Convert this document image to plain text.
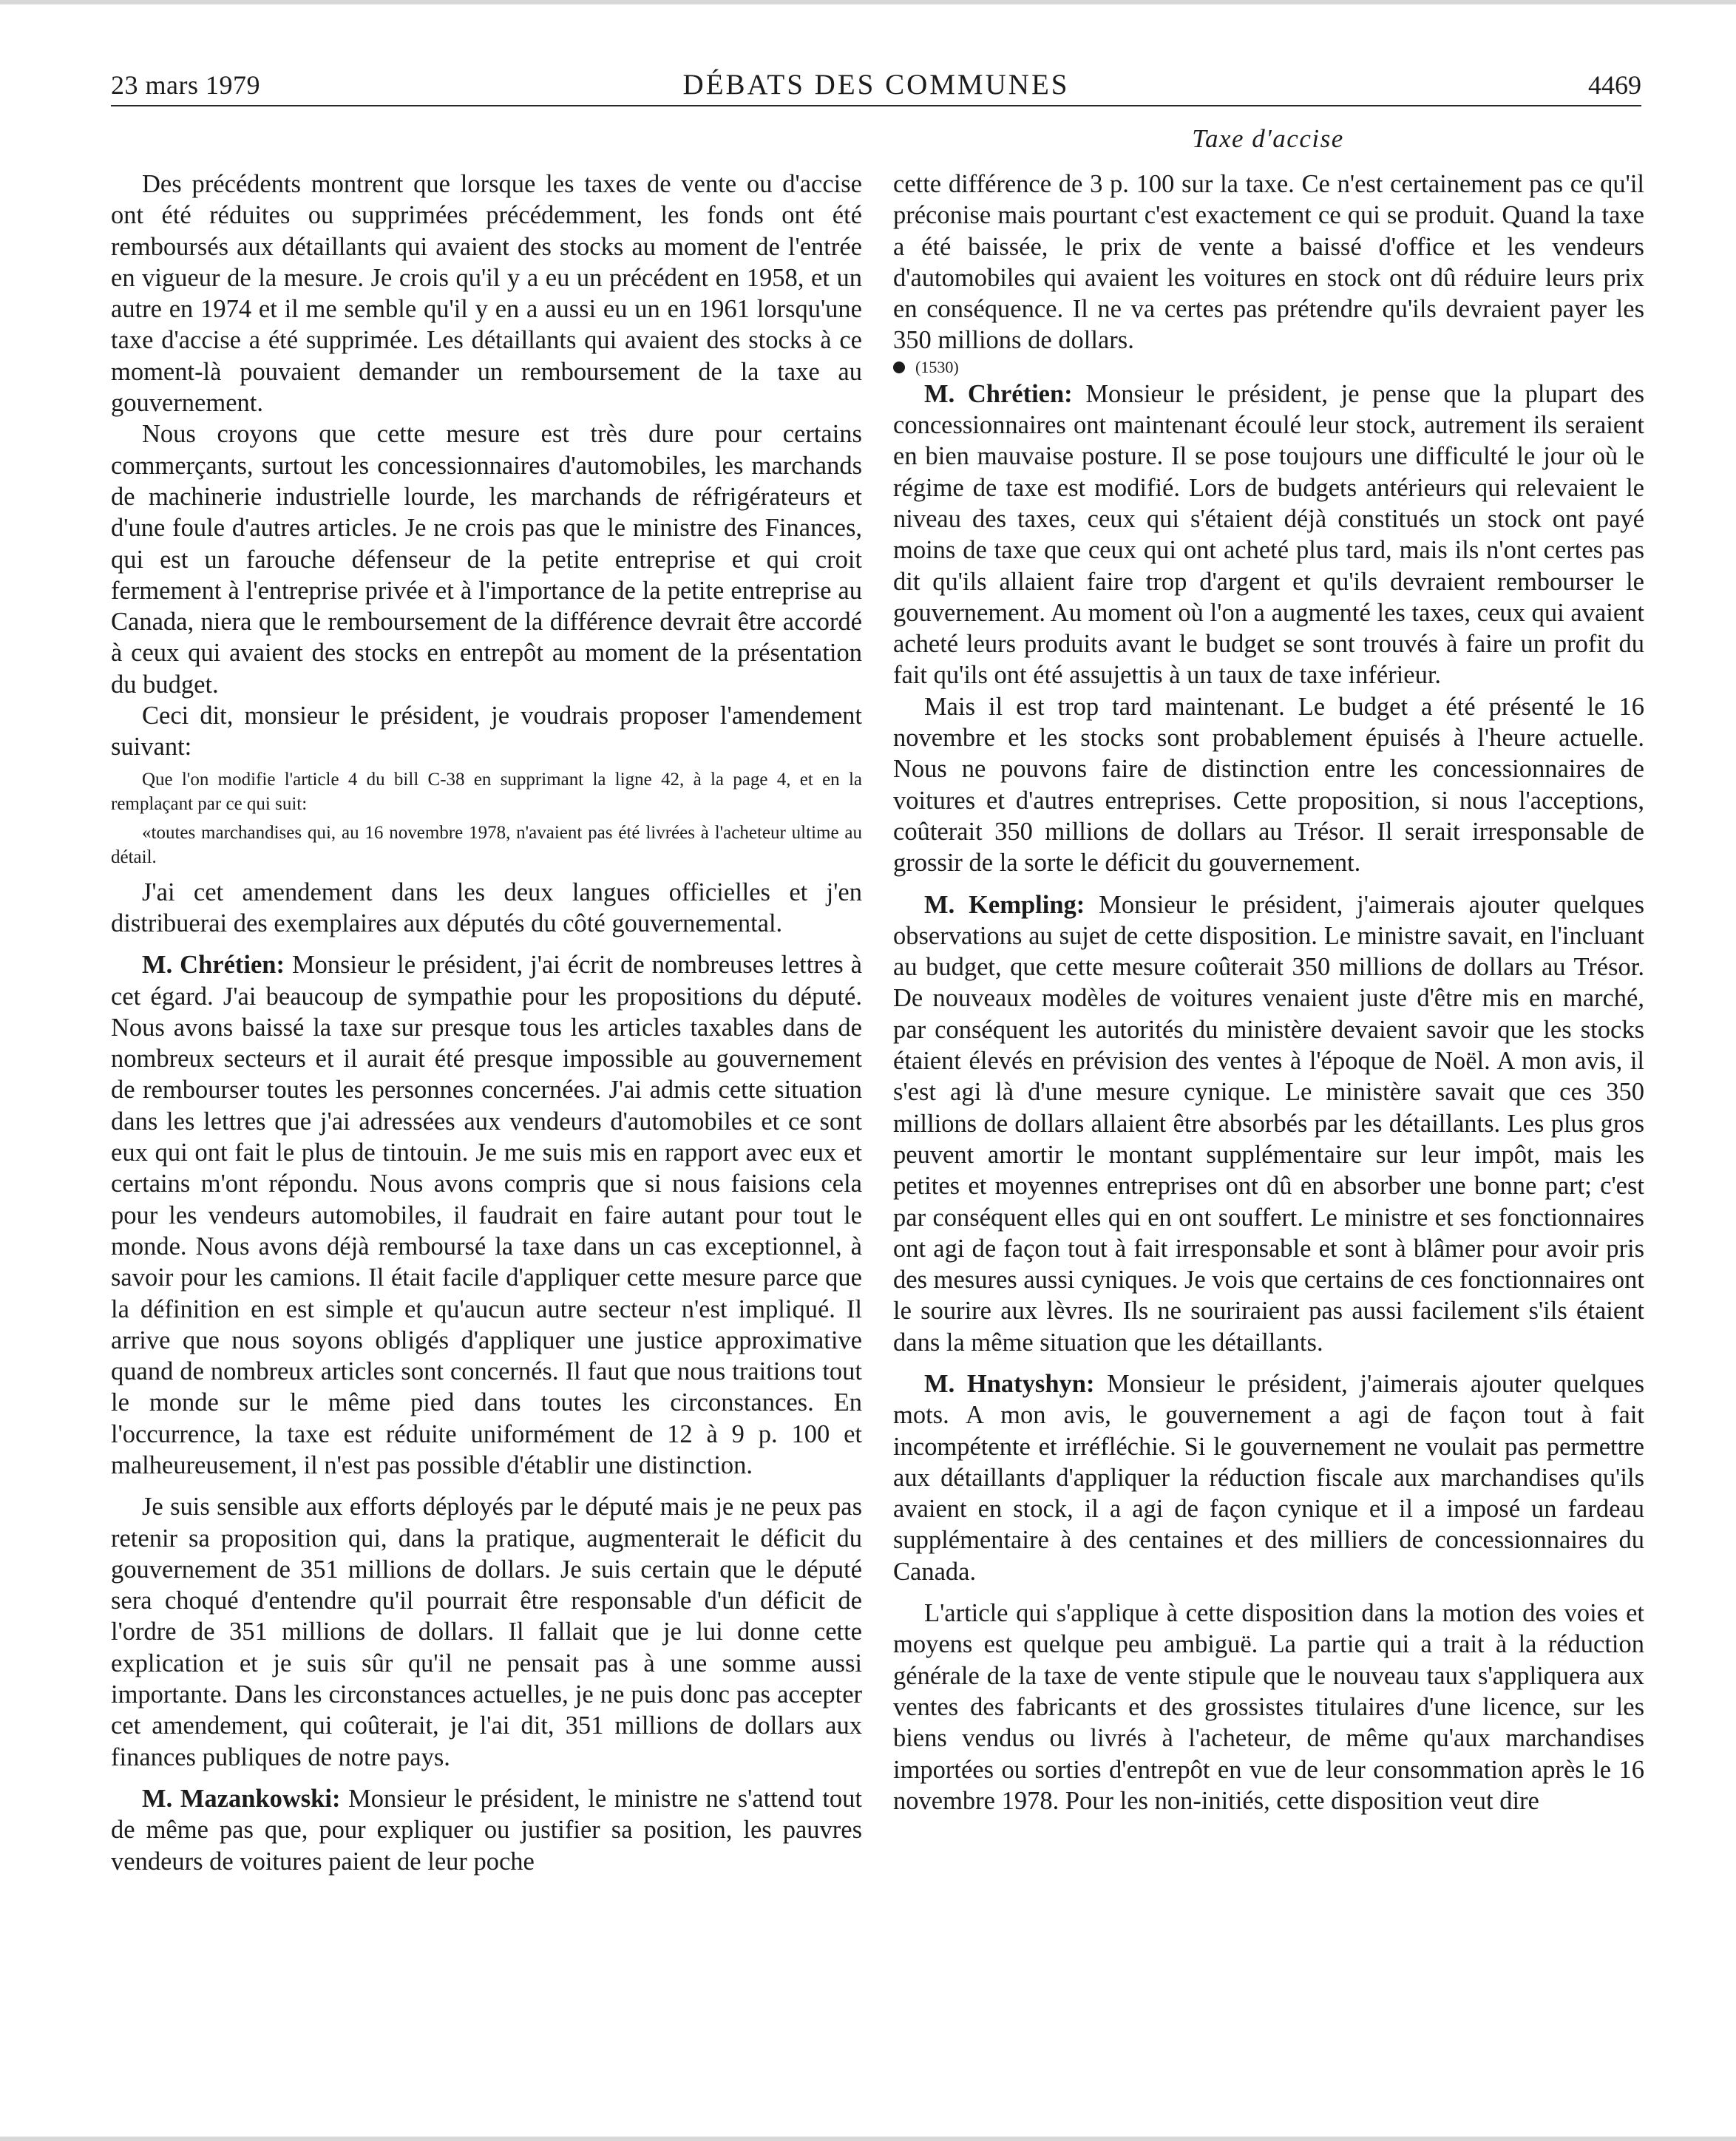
23 mars 1979	DÉBATS DES COMMUNES	4469
Taxe d'accise

Des précédents montrent que lorsque les taxes de vente ou d'accise ont été réduites ou supprimées précédemment, les fonds ont été remboursés aux détaillants qui avaient des stocks au moment de l'entrée en vigueur de la mesure. Je crois qu'il y a eu un précédent en 1958, et un autre en 1974 et il me semble qu'il y en a aussi eu un en 1961 lorsqu'une taxe d'accise a été supprimée. Les détaillants qui avaient des stocks à ce moment-là pouvaient demander un remboursement de la taxe au gouvernement.

Nous croyons que cette mesure est très dure pour certains commerçants, surtout les concessionnaires d'automobiles, les marchands de machinerie industrielle lourde, les marchands de réfrigérateurs et d'une foule d'autres articles. Je ne crois pas que le ministre des Finances, qui est un farouche défenseur de la petite entreprise et qui croit fermement à l'entreprise privée et à l'importance de la petite entreprise au Canada, niera que le remboursement de la différence devrait être accordé à ceux qui avaient des stocks en entrepôt au moment de la présentation du budget.

Ceci dit, monsieur le président, je voudrais proposer l'amendement suivant:

Que l'on modifie l'article 4 du bill C-38 en supprimant la ligne 42, à la page 4, et en la remplaçant par ce qui suit:

«toutes marchandises qui, au 16 novembre 1978, n'avaient pas été livrées à l'acheteur ultime au détail.

J'ai cet amendement dans les deux langues officielles et j'en distribuerai des exemplaires aux députés du côté gouvernemental.

M. Chrétien: Monsieur le président, j'ai écrit de nombreuses lettres à cet égard. J'ai beaucoup de sympathie pour les propositions du député. Nous avons baissé la taxe sur presque tous les articles taxables dans de nombreux secteurs et il aurait été presque impossible au gouvernement de rembourser toutes les personnes concernées. J'ai admis cette situation dans les lettres que j'ai adressées aux vendeurs d'automobiles et ce sont eux qui ont fait le plus de tintouin. Je me suis mis en rapport avec eux et certains m'ont répondu. Nous avons compris que si nous faisions cela pour les vendeurs automobiles, il faudrait en faire autant pour tout le monde. Nous avons déjà remboursé la taxe dans un cas exceptionnel, à savoir pour les camions. Il était facile d'appliquer cette mesure parce que la définition en est simple et qu'aucun autre secteur n'est impliqué. Il arrive que nous soyons obligés d'appliquer une justice approximative quand de nombreux articles sont concernés. Il faut que nous traitions tout le monde sur le même pied dans toutes les circonstances. En l'occurrence, la taxe est réduite uniformément de 12 à 9 p. 100 et malheureusement, il n'est pas possible d'établir une distinction.

Je suis sensible aux efforts déployés par le député mais je ne peux pas retenir sa proposition qui, dans la pratique, augmenterait le déficit du gouvernement de 351 millions de dollars. Je suis certain que le député sera choqué d'entendre qu'il pourrait être responsable d'un déficit de l'ordre de 351 millions de dollars. Il fallait que je lui donne cette explication et je suis sûr qu'il ne pensait pas à une somme aussi importante. Dans les circonstances actuelles, je ne puis donc pas accepter cet amendement, qui coûterait, je l'ai dit, 351 millions de dollars aux finances publiques de notre pays.

M. Mazankowski: Monsieur le président, le ministre ne s'attend tout de même pas que, pour expliquer ou justifier sa position, les pauvres vendeurs de voitures paient de leur poche

cette différence de 3 p. 100 sur la taxe. Ce n'est certainement pas ce qu'il préconise mais pourtant c'est exactement ce qui se produit. Quand la taxe a été baissée, le prix de vente a baissé d'office et les vendeurs d'automobiles qui avaient les voitures en stock ont dû réduire leurs prix en conséquence. Il ne va certes pas prétendre qu'ils devraient payer les 350 millions de dollars.

(1530)

M. Chrétien: Monsieur le président, je pense que la plupart des concessionnaires ont maintenant écoulé leur stock, autrement ils seraient en bien mauvaise posture. Il se pose toujours une difficulté le jour où le régime de taxe est modifié. Lors de budgets antérieurs qui relevaient le niveau des taxes, ceux qui s'étaient déjà constitués un stock ont payé moins de taxe que ceux qui ont acheté plus tard, mais ils n'ont certes pas dit qu'ils allaient faire trop d'argent et qu'ils devraient rembourser le gouvernement. Au moment où l'on a augmenté les taxes, ceux qui avaient acheté leurs produits avant le budget se sont trouvés à faire un profit du fait qu'ils ont été assujettis à un taux de taxe inférieur.

Mais il est trop tard maintenant. Le budget a été présenté le 16 novembre et les stocks sont probablement épuisés à l'heure actuelle. Nous ne pouvons faire de distinction entre les concessionnaires de voitures et d'autres entreprises. Cette proposition, si nous l'acceptions, coûterait 350 millions de dollars au Trésor. Il serait irresponsable de grossir de la sorte le déficit du gouvernement.

M. Kempling: Monsieur le président, j'aimerais ajouter quelques observations au sujet de cette disposition. Le ministre savait, en l'incluant au budget, que cette mesure coûterait 350 millions de dollars au Trésor. De nouveaux modèles de voitures venaient juste d'être mis en marché, par conséquent les autorités du ministère devaient savoir que les stocks étaient élevés en prévision des ventes à l'époque de Noël. A mon avis, il s'est agi là d'une mesure cynique. Le ministère savait que ces 350 millions de dollars allaient être absorbés par les détaillants. Les plus gros peuvent amortir le montant supplémentaire sur leur impôt, mais les petites et moyennes entreprises ont dû en absorber une bonne part; c'est par conséquent elles qui en ont souffert. Le ministre et ses fonctionnaires ont agi de façon tout à fait irresponsable et sont à blâmer pour avoir pris des mesures aussi cyniques. Je vois que certains de ces fonctionnaires ont le sourire aux lèvres. Ils ne souriraient pas aussi facilement s'ils étaient dans la même situation que les détaillants.

M. Hnatyshyn: Monsieur le président, j'aimerais ajouter quelques mots. A mon avis, le gouvernement a agi de façon tout à fait incompétente et irréfléchie. Si le gouvernement ne voulait pas permettre aux détaillants d'appliquer la réduction fiscale aux marchandises qu'ils avaient en stock, il a agi de façon cynique et il a imposé un fardeau supplémentaire à des centaines et des milliers de concessionnaires du Canada.

L'article qui s'applique à cette disposition dans la motion des voies et moyens est quelque peu ambiguë. La partie qui a trait à la réduction générale de la taxe de vente stipule que le nouveau taux s'appliquera aux ventes des fabricants et des grossistes titulaires d'une licence, sur les biens vendus ou livrés à l'acheteur, de même qu'aux marchandises importées ou sorties d'entrepôt en vue de leur consommation après le 16 novembre 1978. Pour les non-initiés, cette disposition veut dire
